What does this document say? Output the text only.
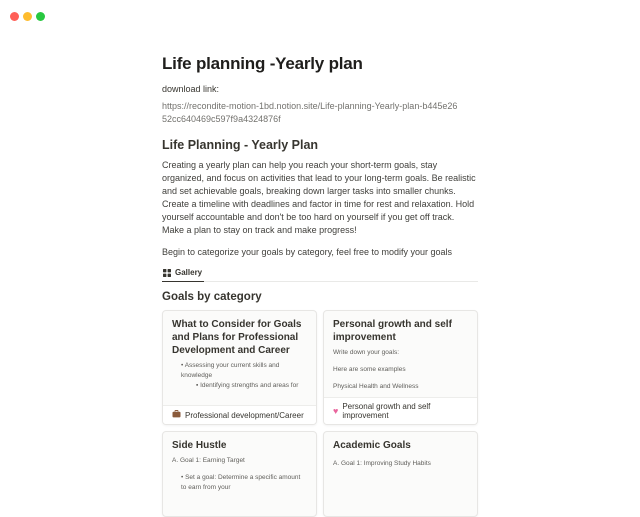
Life planning -Yearly plan
download link:
https://recondite-motion-1bd.notion.site/Life-planning-Yearly-plan-b445e2652cc640469c597f9a4324876f
Life Planning - Yearly Plan
Creating a yearly plan can help you reach your short-term goals, stay organized, and focus on activities that lead to your long-term goals. Be realistic and set achievable goals, breaking down larger tasks into smaller chunks. Create a timeline with deadlines and factor in time for rest and relaxation. Hold yourself accountable and don't be too hard on yourself if you get off track. Make a plan to stay on track and make progress!
Begin to categorize your goals by category, feel free to modify your goals
Gallery
Goals by category
What to Consider for Goals and Plans for Professional Development and Career
• Assessing your current skills and knowledge
▪ Identifying strengths and areas for
Professional development/Career
Personal growth and self improvement
Write down your goals:
Here are some examples
Physical Health and Wellness
♥ Personal growth and self improvement
Side Hustle
A. Goal 1: Earning Target
• Set a goal: Determine a specific amount to earn from your
Academic Goals
A. Goal 1: Improving Study Habits
